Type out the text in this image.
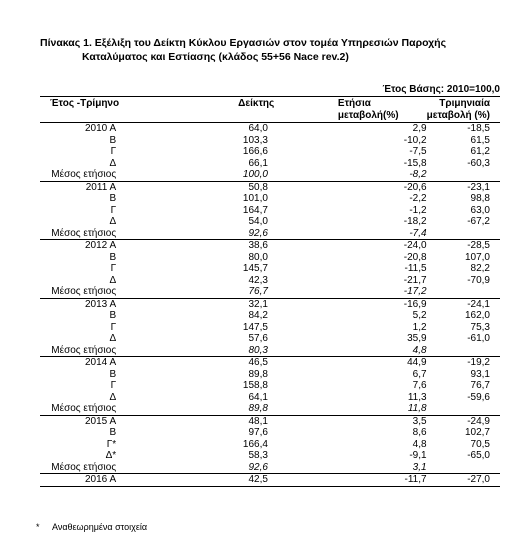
Πίνακας 1. Εξέλιξη του Δείκτη Κύκλου Εργασιών στον τομέα Υπηρεσιών Παροχής
Καταλύματος και Εστίασης (κλάδος 55+56 Nace rev.2)
Έτος Βάσης: 2010=100,0
Έτος -Τρίμηνο	Δείκτης	Ετήσια	Τριμηνιαία
		μεταβολή(%)	μεταβολή (%)
2010 Α	64,0	2,9	-18,5
Β	103,3	-10,2	61,5
Γ	166,6	-7,5	61,2
Δ	66,1	-15,8	-60,3
Μέσος ετήσιος	100,0	-8,2	
2011 Α	50,8	-20,6	-23,1
Β	101,0	-2,2	98,8
Γ	164,7	-1,2	63,0
Δ	54,0	-18,2	-67,2
Μέσος ετήσιος	92,6	-7,4	
2012 Α	38,6	-24,0	-28,5
Β	80,0	-20,8	107,0
Γ	145,7	-11,5	82,2
Δ	42,3	-21,7	-70,9
Μέσος ετήσιος	76,7	-17,2	
2013 Α	32,1	-16,9	-24,1
Β	84,2	5,2	162,0
Γ	147,5	1,2	75,3
Δ	57,6	35,9	-61,0
Μέσος ετήσιος	80,3	4,8	
2014 Α	46,5	44,9	-19,2
Β	89,8	6,7	93,1
Γ	158,8	7,6	76,7
Δ	64,1	11,3	-59,6
Μέσος ετήσιος	89,8	11,8	
2015 Α	48,1	3,5	-24,9
Β	97,6	8,6	102,7
Γ*	166,4	4,8	70,5
Δ*	58,3	-9,1	-65,0
Μέσος ετήσιος	92,6	3,1	
2016 Α	42,5	-11,7	-27,0
* Αναθεωρημένα στοιχεία
